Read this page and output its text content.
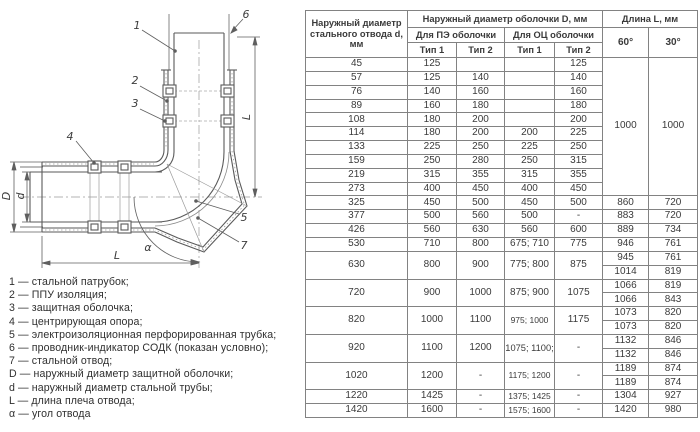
1
6
2
3
4
5
7
L
L
D d
α
1 — стальной патрубок;
2 — ППУ изоляция;
3 — защитная оболочка;
4 — центрирующая опора;
5 — электроизоляционная перфорированная трубка;
6 — проводник-индикатор СОДК (показан условно);
7 — стальной отвод;
D — наружный диаметр защитной оболочки;
d — наружный диаметр стальной трубы;
L — длина плеча отвода;
α — угол отвода
Наружный диаметр стального отвода d, мм	Наружный диаметр оболочки D, мм				Длина L, мм	
	Для ПЭ оболочки		Для ОЦ оболочки		60°	30°
	Тип 1	Тип 2	Тип 1	Тип 2		
45	125			125	1000	1000
57	125	140		140		
76	140	160		160		
89	160	180		180		
108	180	200		200		
114	180	200	200	225		
133	225	250	225	250		
159	250	280	250	315		
219	315	355	315	355		
273	400	450	400	450		
325	450	500	450	500	860	720
377	500	560	500	-	883	720
426	560	630	560	600	889	734
530	710	800	675; 710	775	946	761
630	800	900	775; 800	875	945	761
					1014	819
720	900	1000	875; 900	1075	1066	819
					1066	843
820	1000	1100	975; 1000	1175	1073	820
					1073	820
920	1100	1200	1075; 1100;	-	1132	846
					1132	846
1020	1200	-	1175; 1200	-	1189	874
					1189	874
1220	1425	-	1375; 1425	-	1304	927
1420	1600	-	1575; 1600	-	1420	980
